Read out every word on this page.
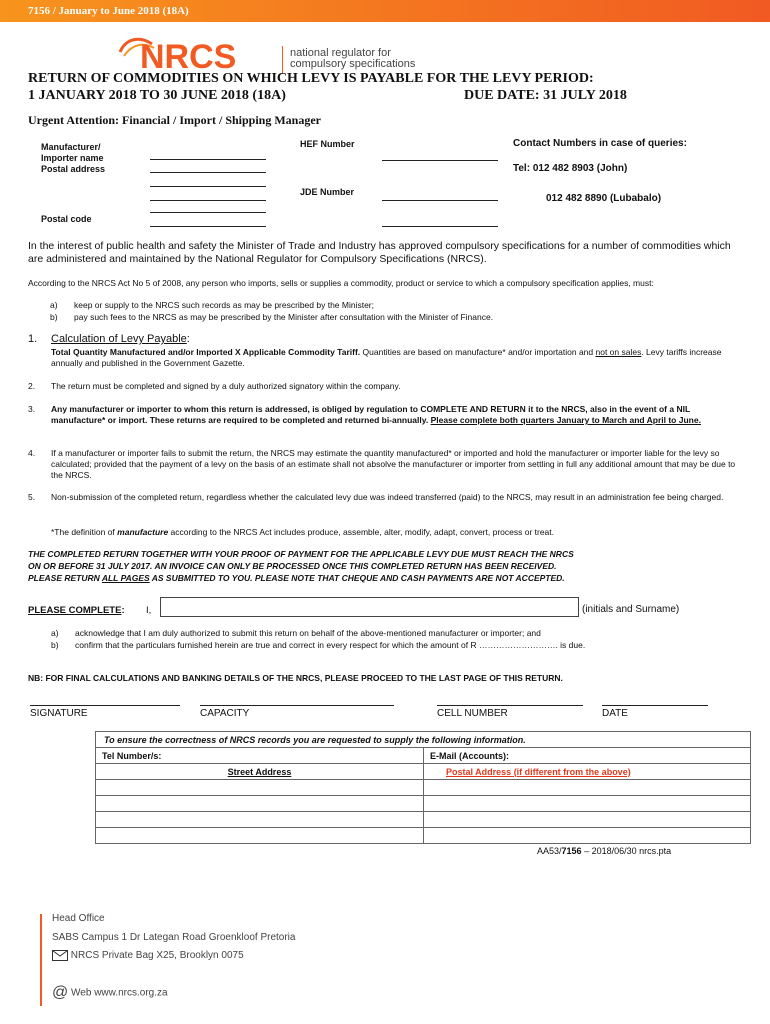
7156 / January to June 2018 (18A)
NRCS	national regulator for
compulsory specifications
RETURN OF COMMODITIES ON WHICH LEVY IS PAYABLE FOR THE LEVY PERIOD:
1 JANUARY 2018 TO 30 JUNE 2018 (18A)	DUE DATE: 31 JULY 2018
Urgent Attention: Financial / Import / Shipping Manager
Manufacturer/
Importer name
Postal address
Postal code
HEF Number
JDE Number
Contact Numbers in case of queries:
Tel: 012 482 8903 (John)
012 482 8890 (Lubabalo)
In the interest of public health and safety the Minister of Trade and Industry has approved compulsory specifications for a number of commodities which are administered and maintained by the National Regulator for Compulsory Specifications (NRCS).
According to the NRCS Act No 5 of 2008, any person who imports, sells or supplies a commodity, product or service to which a compulsory specification applies, must:
a) keep or supply to the NRCS such records as may be prescribed by the Minister;
b) pay such fees to the NRCS as may be prescribed by the Minister after consultation with the Minister of Finance.
1. Calculation of Levy Payable:
Total Quantity Manufactured and/or Imported X Applicable Commodity Tariff. Quantities are based on manufacture* and/or importation and not on sales. Levy tariffs increase annually and published in the Government Gazette.
2. The return must be completed and signed by a duly authorized signatory within the company.
3. Any manufacturer or importer to whom this return is addressed, is obliged by regulation to COMPLETE AND RETURN it to the NRCS, also in the event of a NIL manufacture* or import. These returns are required to be completed and returned bi-annually. Please complete both quarters January to March and April to June.
4. If a manufacturer or importer fails to submit the return, the NRCS may estimate the quantity manufactured* or imported and hold the manufacturer or importer liable for the levy so calculated; provided that the payment of a levy on the basis of an estimate shall not absolve the manufacturer or importer from settling in full any additional amount that may be due to the NRCS.
5. Non-submission of the completed return, regardless whether the calculated levy due was indeed transferred (paid) to the NRCS, may result in an administration fee being charged.
*The definition of manufacture according to the NRCS Act includes produce, assemble, alter, modify, adapt, convert, process or treat.
THE COMPLETED RETURN TOGETHER WITH YOUR PROOF OF PAYMENT FOR THE APPLICABLE LEVY DUE MUST REACH THE NRCS
ON OR BEFORE 31 JULY 2017. AN INVOICE CAN ONLY BE PROCESSED ONCE THIS COMPLETED RETURN HAS BEEN RECEIVED.
PLEASE RETURN ALL PAGES AS SUBMITTED TO YOU. PLEASE NOTE THAT CHEQUE AND CASH PAYMENTS ARE NOT ACCEPTED.
PLEASE COMPLETE: I,	(initials and Surname)
a) acknowledge that I am duly authorized to submit this return on behalf of the above-mentioned manufacturer or importer; and
b) confirm that the particulars furnished herein are true and correct in every respect for which the amount of R ………………………. is due.
NB: FOR FINAL CALCULATIONS AND BANKING DETAILS OF THE NRCS, PLEASE PROCEED TO THE LAST PAGE OF THIS RETURN.
SIGNATURE	CAPACITY	CELL NUMBER	DATE
To ensure the correctness of NRCS records you are requested to supply the following information.	
Tel Number/s:	E-Mail (Accounts):
Street Address	Postal Address (if different from the above)

AA53/7156 – 2018/06/30 nrcs.pta
Head Office
SABS Campus 1 Dr Lategan Road Groenkloof Pretoria
NRCS Private Bag X25, Brooklyn 0075
@ Web www.nrcs.org.za
